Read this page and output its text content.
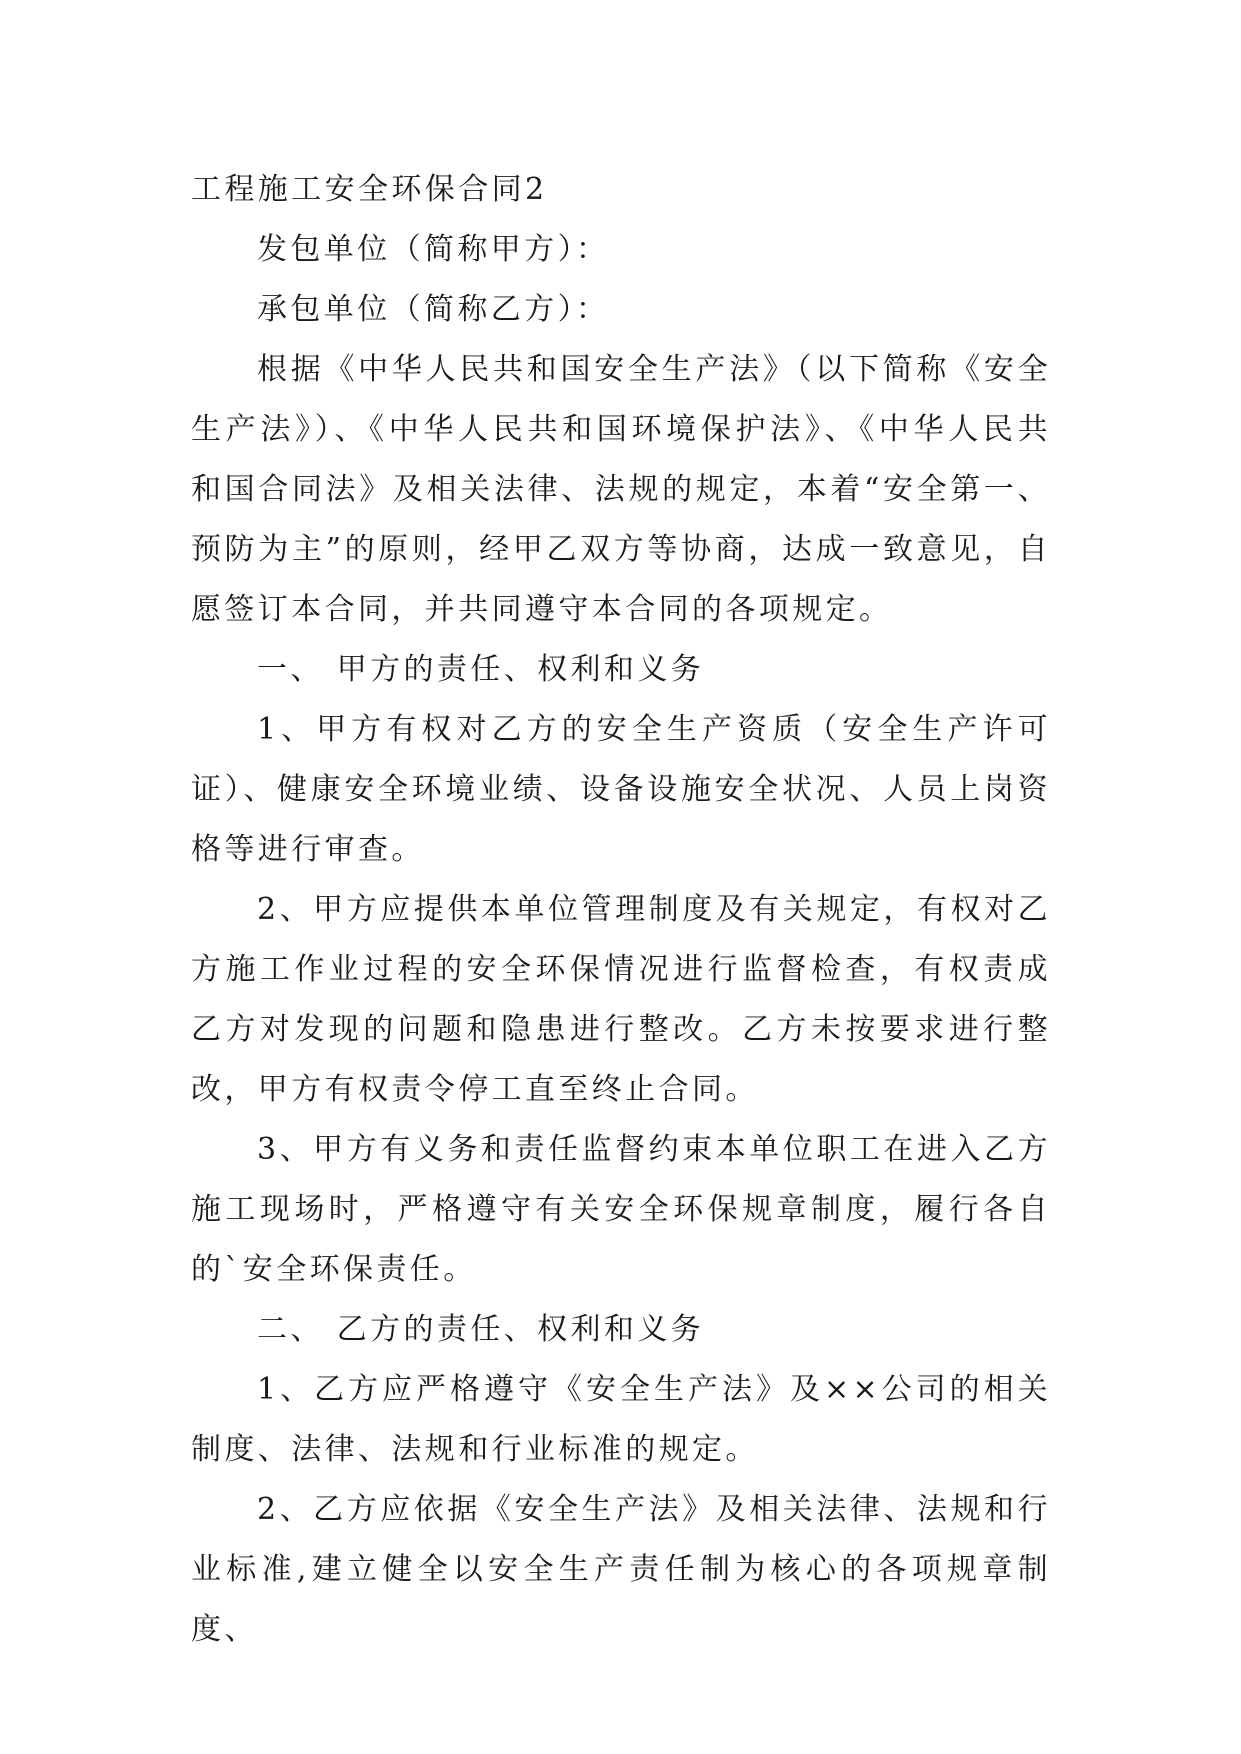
工程施工安全环保合同2

发包单位（简称甲方）：

承包单位（简称乙方）：

根据《中华人民共和国安全生产法》（以下简称《安全生产法》）、《中华人民共和国环境保护法》、《中华人民共和国合同法》及相关法律、法规的规定，本着“安全第一、预防为主”的原则，经甲乙双方等协商，达成一致意见，自愿签订本合同，并共同遵守本合同的各项规定。

一、 甲方的责任、权利和义务

1、甲方有权对乙方的安全生产资质（安全生产许可证）、健康安全环境业绩、设备设施安全状况、人员上岗资格等进行审查。

2、甲方应提供本单位管理制度及有关规定，有权对乙方施工作业过程的安全环保情况进行监督检查，有权责成乙方对发现的问题和隐患进行整改。乙方未按要求进行整改，甲方有权责令停工直至终止合同。

3、甲方有义务和责任监督约束本单位职工在进入乙方施工现场时，严格遵守有关安全环保规章制度，履行各自的`安全环保责任。

二、 乙方的责任、权利和义务

1、乙方应严格遵守《安全生产法》及××公司的相关制度、法律、法规和行业标准的规定。

2、乙方应依据《安全生产法》及相关法律、法规和行业标准,建立健全以安全生产责任制为核心的各项规章制度、
